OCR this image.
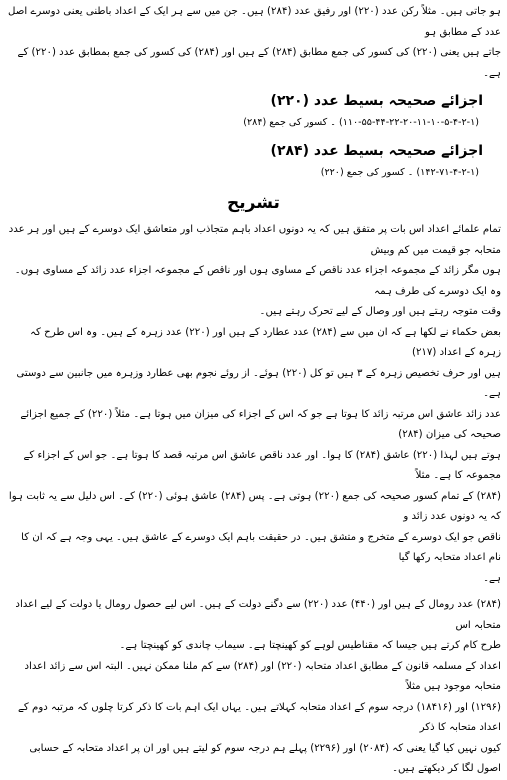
ہو جاتی ہیں۔ مثلاً رکن عدد (۲۲۰) اور رفیق عدد (۲۸۴) ہیں۔ جن میں سے ہر ایک کے اعداد باطنی یعنی دوسرے اصل عدد کے مطابق ہو

جاتے ہیں یعنی (۲۲۰) کی کسور کی جمع مطابق (۲۸۴) کے ہیں اور (۲۸۴) کی کسور کی جمع بمطابق عدد (۲۲۰) کے ہے۔

اجزائے صحیحہ بسیط عدد (۲۲۰)
(۱۱۰-۵۵-۴۴-۲۲-۲۰-۱۱-۱۰-۵-۴-۲-۱) ۔ کسور کی جمع (۲۸۴)
اجزائے صحیحہ بسیط عدد (۲۸۴)
(۱۴۲-۷۱-۴-۲-۱) ۔ کسور کی جمع (۲۲۰)
تشریح

تمام علمائے اعداد اس بات پر متفق ہیں کہ یہ دونوں اعداد باہم متجاذب اور متعاشق ایک دوسرے کے ہیں اور ہر عدد متحابہ جو قیمت میں کم وبیش

ہوں مگر زائد کے مجموعہ اجزاء عدد ناقص کے مساوی ہوں اور ناقص کے مجموعہ اجزاء عدد زائد کے مساوی ہوں۔ وہ ایک دوسرے کی طرف ہمہ

وقت متوجہ رہتے ہیں اور وصال کے لیے تحرک رہتے ہیں۔

بعض حکماء نے لکھا ہے کہ ان میں سے (۲۸۴) عدد عطارد کے ہیں اور (۲۲۰) عدد زہرہ کے ہیں۔ وہ اس طرح کہ زہرہ کے اعداد (۲۱۷)

ہیں اور حرف تخصیص زہرہ کے ۳ ہیں تو کل (۲۲۰) ہوئے۔ از روئے نجوم بھی عطارد وزہرہ میں جانبین سے دوستی ہے۔

عدد زائد عاشق اس مرتبہ زائد کا ہوتا ہے جو کہ اس کے اجزاء کی میزان میں ہوتا ہے۔ مثلاً (۲۲۰) کے جمیع اجزائے صحیحہ کی میزان (۲۸۴)

ہوتے ہیں لہذا (۲۲۰) عاشق (۲۸۴) کا ہوا۔ اور عدد ناقص عاشق اس مرتبہ قصد کا ہوتا ہے۔ جو اس کے اجزاء کے مجموعہ کا ہے۔ مثلاً

(۲۸۴) کے تمام کسور صحیحہ کی جمع (۲۲۰) ہوتی ہے۔ پس (۲۸۴) عاشق ہوئی (۲۲۰) کے۔ اس دلیل سے یہ ثابت ہوا کہ یہ دونوں عدد زائد و

ناقص جو ایک دوسرے کے متخرج و متشق ہیں۔ در حقیقت باہم ایک دوسرے کے عاشق ہیں۔ یہی وجہ ہے کہ ان کا نام اعداد متحابہ رکھا گیا

ہے۔

(۲۸۴) عدد رومال کے ہیں اور (۴۴۰) عدد (۲۲۰) سے دگنے دولت کے ہیں۔ اس لیے حصول رومال یا دولت کے لیے اعداد متحابہ اس

طرح کام کرتے ہیں جیسا کہ مقناطیس لوہے کو کھینچتا ہے۔ سیماب چاندی کو کھینچتا ہے۔

اعداد کے مسلمہ قانون کے مطابق اعداد متحابہ (۲۲۰) اور (۲۸۴) سے کم ملنا ممکن نہیں۔ البتہ اس سے زائد اعداد متحابہ موجود ہیں مثلاً

(۱۲۹۶) اور (۱۸۴۱۶) درجہ سوم کے اعداد متحابہ کہلاتے ہیں۔ یہاں ایک اہم بات کا ذکر کرتا چلوں کہ مرتبہ دوم کے اعداد متحابہ کا ذکر

کیوں نہیں کیا گیا یعنی کہ (۲۰۸۴) اور (۲۲۹۶) پہلے ہم درجہ سوم کو لیتے ہیں اور ان پر اعداد متحابہ کے حسابی اصول لگا کر دیکھتے ہیں۔
